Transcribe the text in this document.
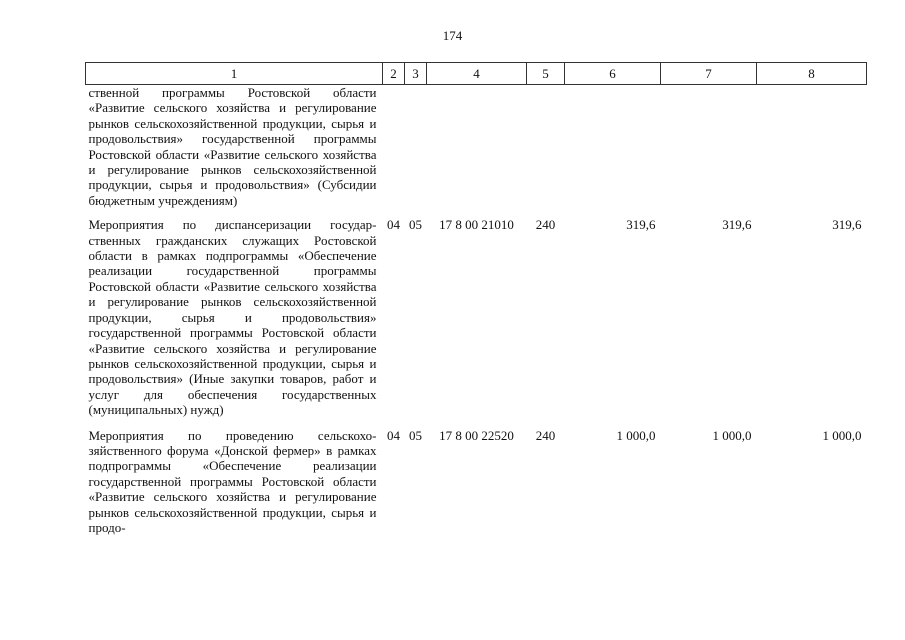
174
1	2	3	4	5	6	7	8
ственной программы Ростовской области «Развитие сельского хозяйства и регулирование рынков сельскохозяйственной продукции, сырья и продовольствия» государственной программы Ростовской области «Развитие сельского хозяйства и регулирование рынков сельскохозяйственной продукции, сырья и продовольствия» (Субсидии бюджетным учреждениям)							
Мероприятия по диспансеризации государственных гражданских служащих Ростовской области в рамках подпрограммы «Обеспечение реализации государственной программы Ростовской области «Развитие сельского хозяйства и регулирование рынков сельскохозяйственной продукции, сырья и продовольствия» государственной программы Ростовской области «Развитие сельского хозяйства и регулирование рынков сельскохозяйственной продукции, сырья и продовольствия» (Иные закупки товаров, работ и услуг для обеспечения государственных (муниципальных) нужд)	04	05	17 8 00 21010	240	319,6	319,6	319,6
Мероприятия по проведению сельскохозяйственного форума «Донской фермер» в рамках подпрограммы «Обеспечение реализации государственной программы Ростовской области «Развитие сельского хозяйства и регулирование рынков сельскохозяйственной продукции, сырья и продо-	04	05	17 8 00 22520	240	1 000,0	1 000,0	1 000,0
